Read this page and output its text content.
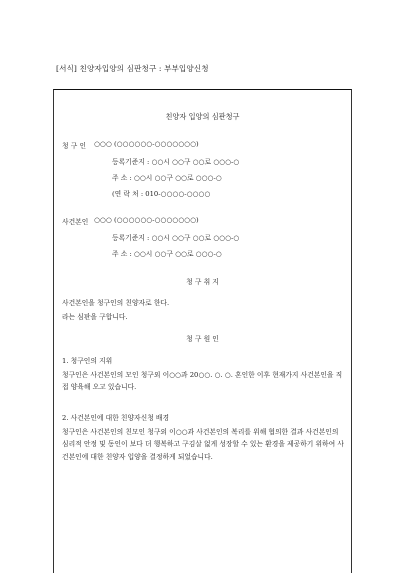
[서식] 친양자입양의 심판청구 : 부부입양신청
친양자 입양의 심판청구
청 구 인 ○○○ (○○○○○○-○○○○○○○)
등록기준지 : ○○시 ○○구 ○○로 ○○○-○
주 소 : ○○시 ○○구 ○○로 ○○○-○
(연 락 처 : 010-○○○○-○○○○
사건본인 ○○○ (○○○○○○-○○○○○○○)
등록기준지 : ○○시 ○○구 ○○로 ○○○-○
주 소 : ○○시 ○○구 ○○로 ○○○-○
청 구 취 지
사건본인을 청구인의 친양자로 한다.
라는 심판을 구합니다.
청 구 원 인
1. 청구인의 지위
청구인은 사건본인의 모인 청구외 이○○과 20○○. ○. ○. 혼인한 이후 현재가지 사건본인을 직접 양육해 오고 있습니다.
2. 사건본인에 대한 친양자신청 배경
청구인은 사건본인의 친모인 청구외 이○○과 사건본인의 복리를 위해 협의한 결과 사건본인의 심리적 안정 및 동인이 보다 더 행복하고 구김살 없게 성장할 수 있는 환경을 제공하기 위하여 사건본인에 대한 친양자 입양을 결정하게 되었습니다.
